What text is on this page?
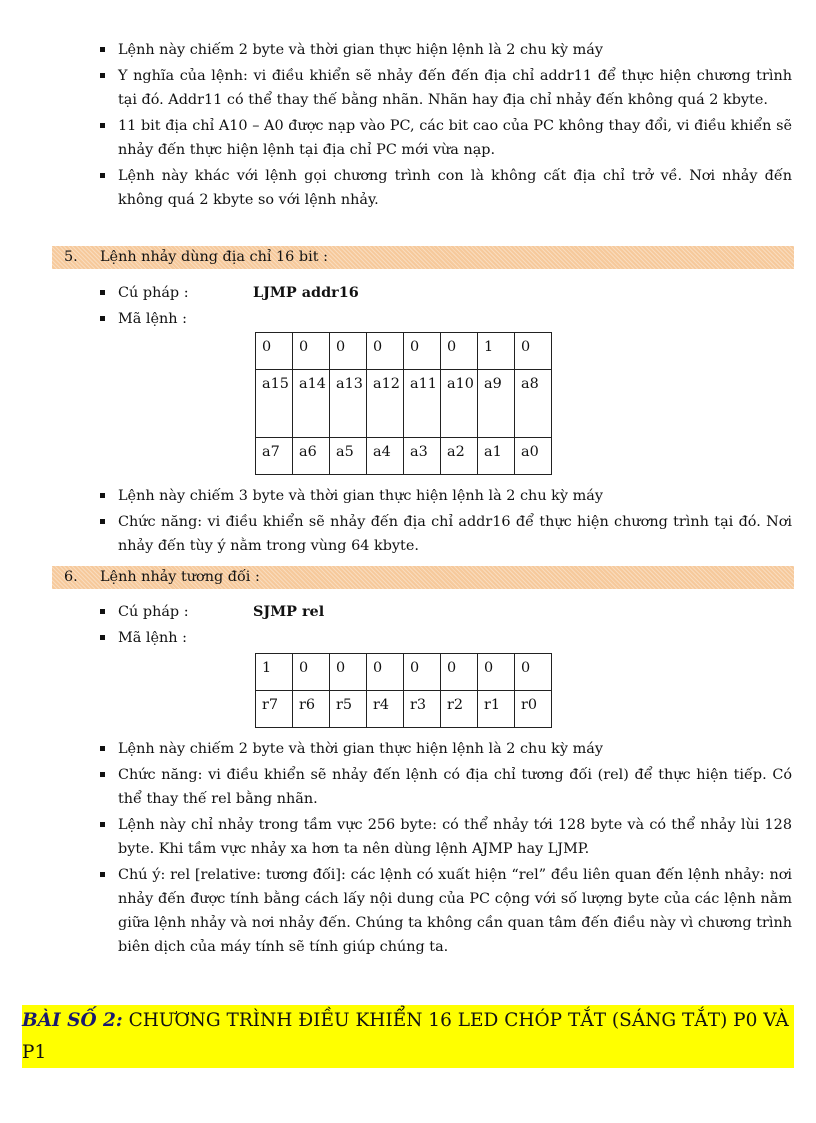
Lệnh này chiếm 2 byte và thời gian thực hiện lệnh là 2 chu kỳ máy
Y nghĩa của lệnh: vi điều khiển sẽ nhảy đến đến địa chỉ addr11 để thực hiện chương trình tại đó. Addr11 có thể thay thế bằng nhãn. Nhãn hay địa chỉ nhảy đến không quá 2 kbyte.
11 bit địa chỉ A10 – A0 được nạp vào PC, các bit cao của PC không thay đổi, vi điều khiển sẽ nhảy đến thực hiện lệnh tại địa chỉ PC mới vừa nạp.
Lệnh này khác với lệnh gọi chương trình con là không cất địa chỉ trở về. Nơi nhảy đến không quá 2 kbyte so với lệnh nhảy.
5. Lệnh nhảy dùng địa chỉ 16 bit :
Cú pháp :	LJMP addr16
Mã lệnh :
0	0	0	0	0	0	1	0
a15	a14	a13	a12	a11	a10	a9	a8
a7	a6	a5	a4	a3	a2	a1	a0
Lệnh này chiếm 3 byte và thời gian thực hiện lệnh là 2 chu kỳ máy
Chức năng: vi điều khiển sẽ nhảy đến địa chỉ addr16 để thực hiện chương trình tại đó. Nơi nhảy đến tùy ý nằm trong vùng 64 kbyte.
6. Lệnh nhảy tương đối :
Cú pháp :	SJMP rel
Mã lệnh :
1	0	0	0	0	0	0	0
r7	r6	r5	r4	r3	r2	r1	r0
Lệnh này chiếm 2 byte và thời gian thực hiện lệnh là 2 chu kỳ máy
Chức năng: vi điều khiển sẽ nhảy đến lệnh có địa chỉ tương đối (rel) để thực hiện tiếp. Có thể thay thế rel bằng nhãn.
Lệnh này chỉ nhảy trong tầm vực 256 byte: có thể nhảy tới 128 byte và có thể nhảy lùi 128 byte. Khi tầm vực nhảy xa hơn ta nên dùng lệnh AJMP hay LJMP.
Chú ý: rel [relative: tương đối]: các lệnh có xuất hiện “rel” đều liên quan đến lệnh nhảy: nơi nhảy đến được tính bằng cách lấy nội dung của PC cộng với số lượng byte của các lệnh nằm giữa lệnh nhảy và nơi nhảy đến. Chúng ta không cần quan tâm đến điều này vì chương trình biên dịch của máy tính sẽ tính giúp chúng ta.
BÀI SỐ 2: CHƯƠNG TRÌNH ĐIỀU KHIỂN 16 LED CHÓP TẮT (SÁNG TẮT) P0 VÀ P1
